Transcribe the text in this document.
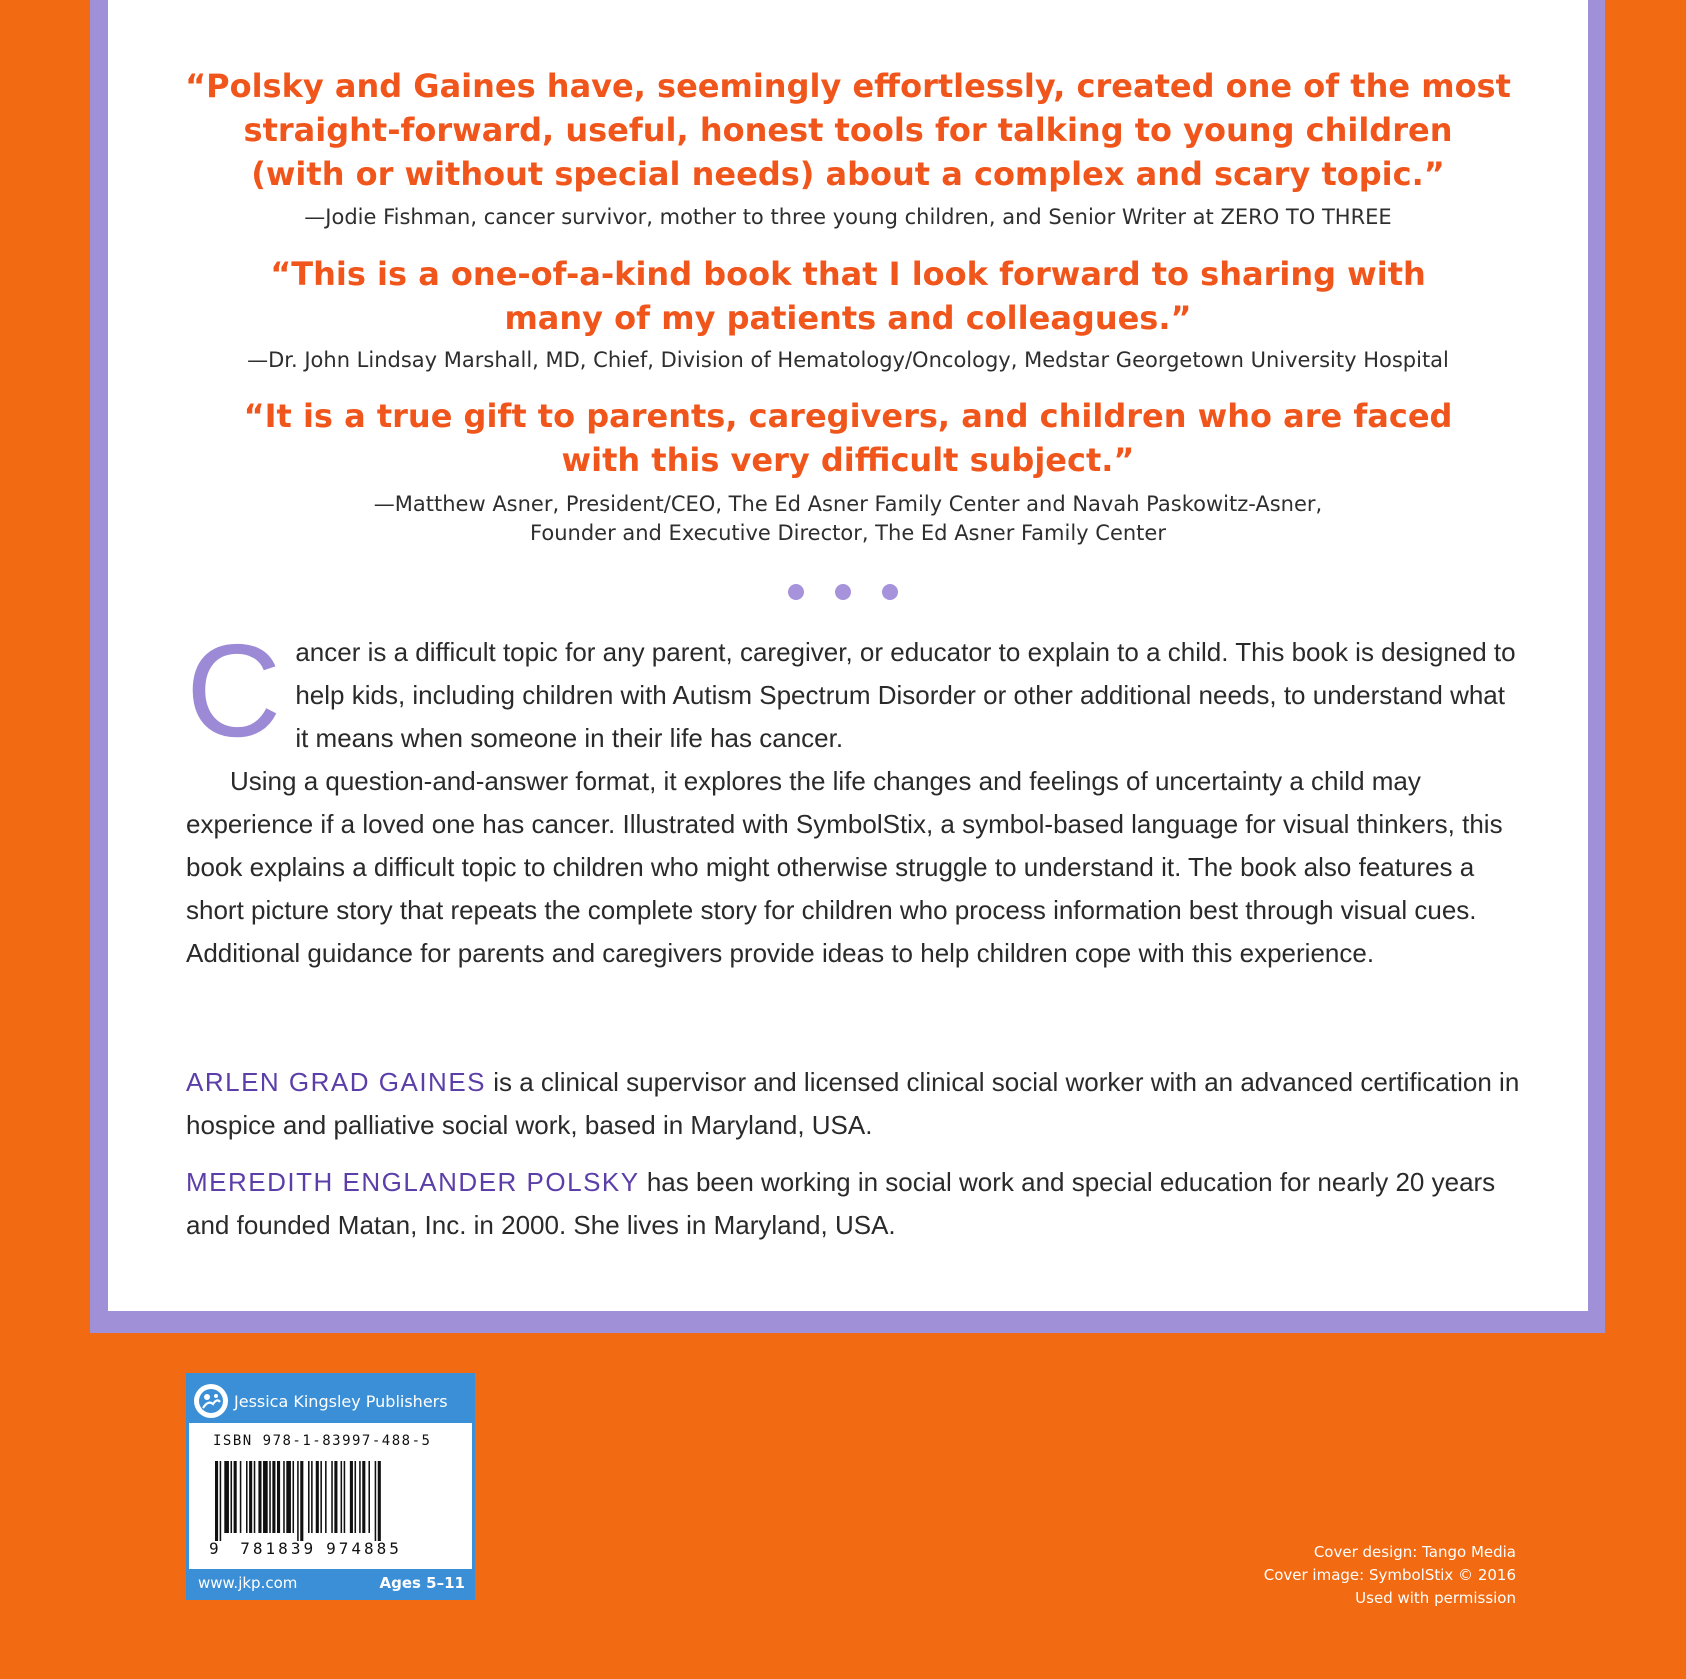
“Polsky and Gaines have, seemingly effortlessly, created one of the most
straight-forward, useful, honest tools for talking to young children
(with or without special needs) about a complex and scary topic.”

—Jodie Fishman, cancer survivor, mother to three young children, and Senior Writer at ZERO TO THREE

“This is a one-of-a-kind book that I look forward to sharing with
many of my patients and colleagues.”

—Dr. John Lindsay Marshall, MD, Chief, Division of Hematology/Oncology, Medstar Georgetown University Hospital

“It is a true gift to parents, caregivers, and children who are faced
with this very difficult subject.”

—Matthew Asner, President/CEO, The Ed Asner Family Center and Navah Paskowitz-Asner,
Founder and Executive Director, The Ed Asner Family Center

C ancer is a difficult topic for any parent, caregiver, or educator to explain to a child. This book is designed to help kids, including children with Autism Spectrum Disorder or other additional needs, to understand what it means when someone in their life has cancer.

Using a question-and-answer format, it explores the life changes and feelings of uncertainty a child may experience if a loved one has cancer. Illustrated with SymbolStix, a symbol-based language for visual thinkers, this book explains a difficult topic to children who might otherwise struggle to understand it. The book also features a short picture story that repeats the complete story for children who process information best through visual cues. Additional guidance for parents and caregivers provide ideas to help children cope with this experience.

ARLEN GRAD GAINES is a clinical supervisor and licensed clinical social worker with an advanced certification in hospice and palliative social work, based in Maryland, USA.

MEREDITH ENGLANDER POLSKY has been working in social work and special education for nearly 20 years and founded Matan, Inc. in 2000. She lives in Maryland, USA.

Jessica Kingsley Publishers
ISBN 978-1-83997-488-5
9 781839 974885
www.jkp.com	Ages 5–11
Cover design: Tango Media
Cover image: SymbolStix © 2016
Used with permission
